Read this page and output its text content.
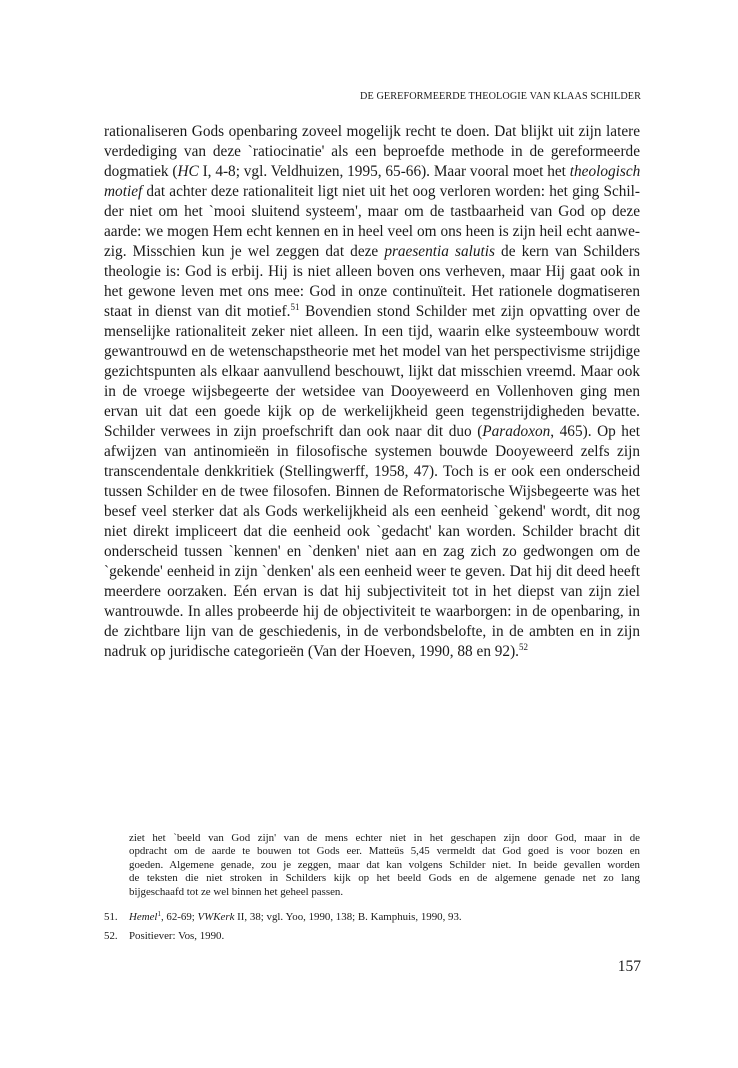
DE GEREFORMEERDE THEOLOGIE VAN KLAAS SCHILDER
rationaliseren Gods openbaring zoveel mogelijk recht te doen. Dat blijkt uit zijn latere
verdediging van deze `ratiocinatie' als een beproefde methode in de gereformeerde
dogmatiek (HC I, 4-8; vgl. Veldhuizen, 1995, 65-66). Maar vooral moet het theologisch
motief dat achter deze rationaliteit ligt niet uit het oog verloren worden: het ging Schil-
der niet om het `mooi sluitend systeem', maar om de tastbaarheid van God op deze
aarde: we mogen Hem echt kennen en in heel veel om ons heen is zijn heil echt aanwe-
zig. Misschien kun je wel zeggen dat deze praesentia salutis de kern van Schilders
theologie is: God is erbij. Hij is niet alleen boven ons verheven, maar Hij gaat ook in
het gewone leven met ons mee: God in onze continuïteit. Het rationele dogmatiseren
staat in dienst van dit motief.$^{51}$ Bovendien stond Schilder met zijn opvatting over de
menselijke rationaliteit zeker niet alleen. In een tijd, waarin elke systeembouw wordt
gewantrouwd en de wetenschapstheorie met het model van het perspectivisme strijdige
gezichtspunten als elkaar aanvullend beschouwt, lijkt dat misschien vreemd. Maar ook
in de vroege wijsbegeerte der wetsidee van Dooyeweerd en Vollenhoven ging men
ervan uit dat een goede kijk op de werkelijkheid geen tegenstrijdigheden bevatte.
Schilder verwees in zijn proefschrift dan ook naar dit duo (Paradoxon, 465). Op het
afwijzen van antinomieën in filosofische systemen bouwde Dooyeweerd zelfs zijn
transcendentale denkkritiek (Stellingwerff, 1958, 47). Toch is er ook een onderscheid
tussen Schilder en de twee filosofen. Binnen de Reformatorische Wijsbegeerte was het
besef veel sterker dat als Gods werkelijkheid als een eenheid `gekend' wordt, dit nog
niet direkt impliceert dat die eenheid ook `gedacht' kan worden. Schilder bracht dit
onderscheid tussen `kennen' en `denken' niet aan en zag zich zo gedwongen om de
`gekende' eenheid in zijn `denken' als een eenheid weer te geven. Dat hij dit deed heeft
meerdere oorzaken. Eén ervan is dat hij subjectiviteit tot in het diepst van zijn ziel
wantrouwde. In alles probeerde hij de objectiviteit te waarborgen: in de openbaring, in
de zichtbare lijn van de geschiedenis, in de verbondsbelofte, in de ambten en in zijn
nadruk op juridische categorieën (Van der Hoeven, 1990, 88 en 92).$^{52}$
ziet het `beeld van God zijn' van de mens echter niet in het geschapen zijn door God, maar in de
opdracht om de aarde te bouwen tot Gods eer. Matteüs 5,45 vermeldt dat God goed is voor bozen en
goeden. Algemene genade, zou je zeggen, maar dat kan volgens Schilder niet. In beide gevallen worden
de teksten die niet stroken in Schilders kijk op het beeld Gods en de algemene genade net zo lang
bijgeschaafd tot ze wel binnen het geheel passen.
51. Hemel$^1$, 62-69; VWKerk II, 38; vgl. Yoo, 1990, 138; B. Kamphuis, 1990, 93.
52. Positiever: Vos, 1990.
157
